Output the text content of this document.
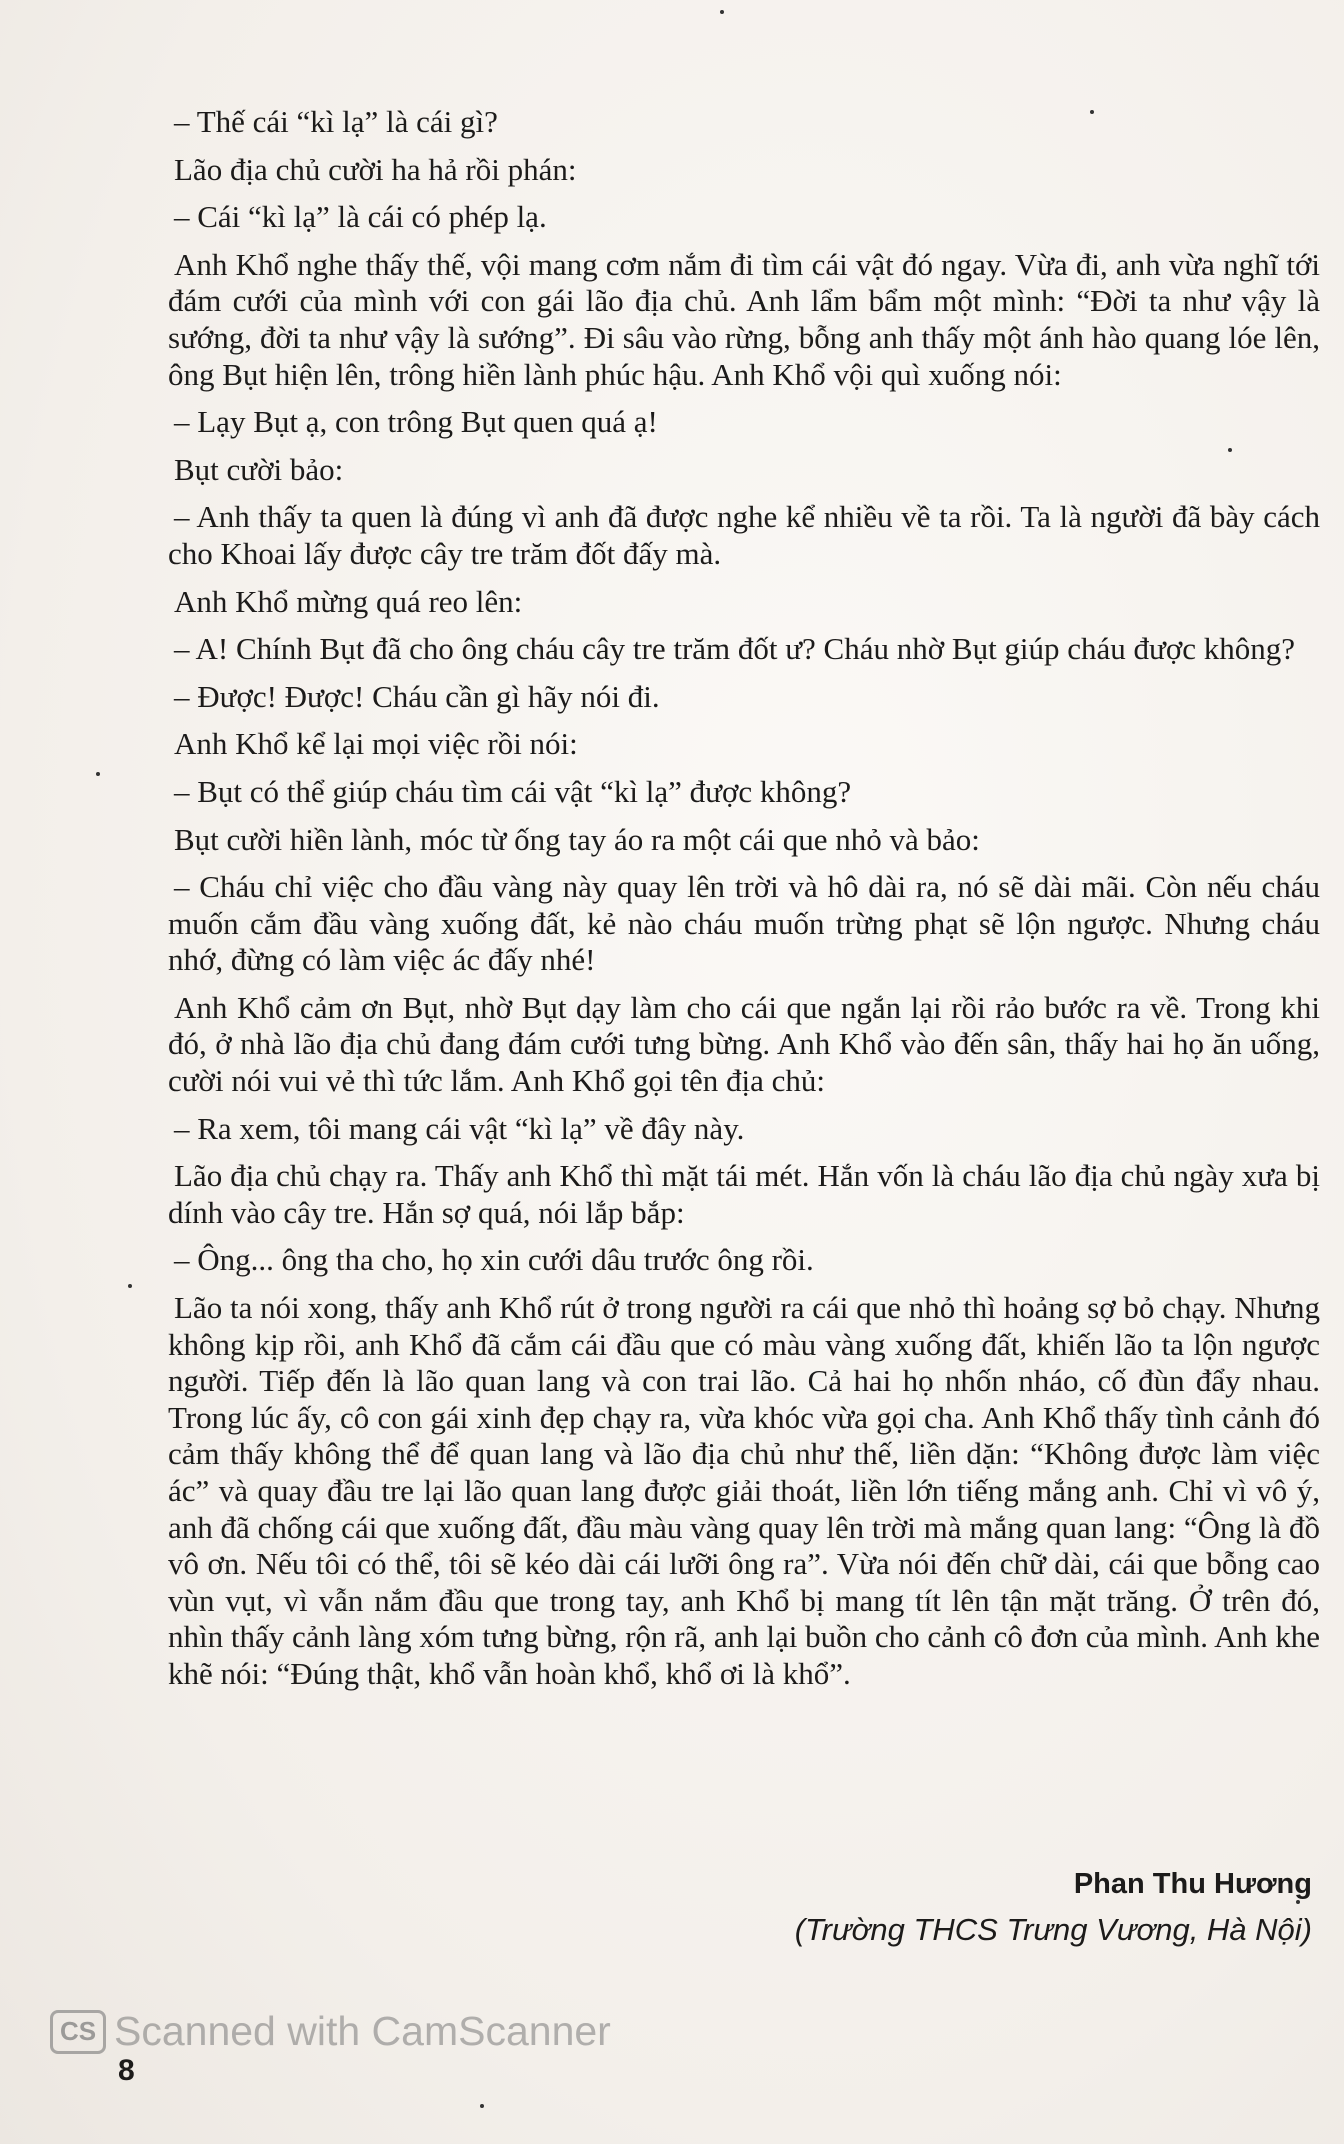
– Thế cái “kì lạ” là cái gì?

Lão địa chủ cười ha hả rồi phán:

– Cái “kì lạ” là cái có phép lạ.

Anh Khổ nghe thấy thế, vội mang cơm nắm đi tìm cái vật đó ngay. Vừa đi, anh vừa nghĩ tới đám cưới của mình với con gái lão địa chủ. Anh lẩm bẩm một mình: “Đời ta như vậy là sướng, đời ta như vậy là sướng”. Đi sâu vào rừng, bỗng anh thấy một ánh hào quang lóe lên, ông Bụt hiện lên, trông hiền lành phúc hậu. Anh Khổ vội quì xuống nói:

– Lạy Bụt ạ, con trông Bụt quen quá ạ!

Bụt cười bảo:

– Anh thấy ta quen là đúng vì anh đã được nghe kể nhiều về ta rồi. Ta là người đã bày cách cho Khoai lấy được cây tre trăm đốt đấy mà.

Anh Khổ mừng quá reo lên:

– A! Chính Bụt đã cho ông cháu cây tre trăm đốt ư? Cháu nhờ Bụt giúp cháu được không?

– Được! Được! Cháu cần gì hãy nói đi.

Anh Khổ kể lại mọi việc rồi nói:

– Bụt có thể giúp cháu tìm cái vật “kì lạ” được không?

Bụt cười hiền lành, móc từ ống tay áo ra một cái que nhỏ và bảo:

– Cháu chỉ việc cho đầu vàng này quay lên trời và hô dài ra, nó sẽ dài mãi. Còn nếu cháu muốn cắm đầu vàng xuống đất, kẻ nào cháu muốn trừng phạt sẽ lộn ngược. Nhưng cháu nhớ, đừng có làm việc ác đấy nhé!

Anh Khổ cảm ơn Bụt, nhờ Bụt dạy làm cho cái que ngắn lại rồi rảo bước ra về. Trong khi đó, ở nhà lão địa chủ đang đám cưới tưng bừng. Anh Khổ vào đến sân, thấy hai họ ăn uống, cười nói vui vẻ thì tức lắm. Anh Khổ gọi tên địa chủ:

– Ra xem, tôi mang cái vật “kì lạ” về đây này.

Lão địa chủ chạy ra. Thấy anh Khổ thì mặt tái mét. Hắn vốn là cháu lão địa chủ ngày xưa bị dính vào cây tre. Hắn sợ quá, nói lắp bắp:

– Ông... ông tha cho, họ xin cưới dâu trước ông rồi.

Lão ta nói xong, thấy anh Khổ rút ở trong người ra cái que nhỏ thì hoảng sợ bỏ chạy. Nhưng không kịp rồi, anh Khổ đã cắm cái đầu que có màu vàng xuống đất, khiến lão ta lộn ngược người. Tiếp đến là lão quan lang và con trai lão. Cả hai họ nhốn nháo, cố đùn đẩy nhau. Trong lúc ấy, cô con gái xinh đẹp chạy ra, vừa khóc vừa gọi cha. Anh Khổ thấy tình cảnh đó cảm thấy không thể để quan lang và lão địa chủ như thế, liền dặn: “Không được làm việc ác” và quay đầu tre lại lão quan lang được giải thoát, liền lớn tiếng mắng anh. Chỉ vì vô ý, anh đã chống cái que xuống đất, đầu màu vàng quay lên trời mà mắng quan lang: “Ông là đồ vô ơn. Nếu tôi có thể, tôi sẽ kéo dài cái lưỡi ông ra”. Vừa nói đến chữ dài, cái que bỗng cao vùn vụt, vì vẫn nắm đầu que trong tay, anh Khổ bị mang tít lên tận mặt trăng. Ở trên đó, nhìn thấy cảnh làng xóm tưng bừng, rộn rã, anh lại buồn cho cảnh cô đơn của mình. Anh khe khẽ nói: “Đúng thật, khổ vẫn hoàn khổ, khổ ơi là khổ”.

Phan Thu Hương
(Trường THCS Trưng Vương, Hà Nội)
CS Scanned with CamScanner
8
